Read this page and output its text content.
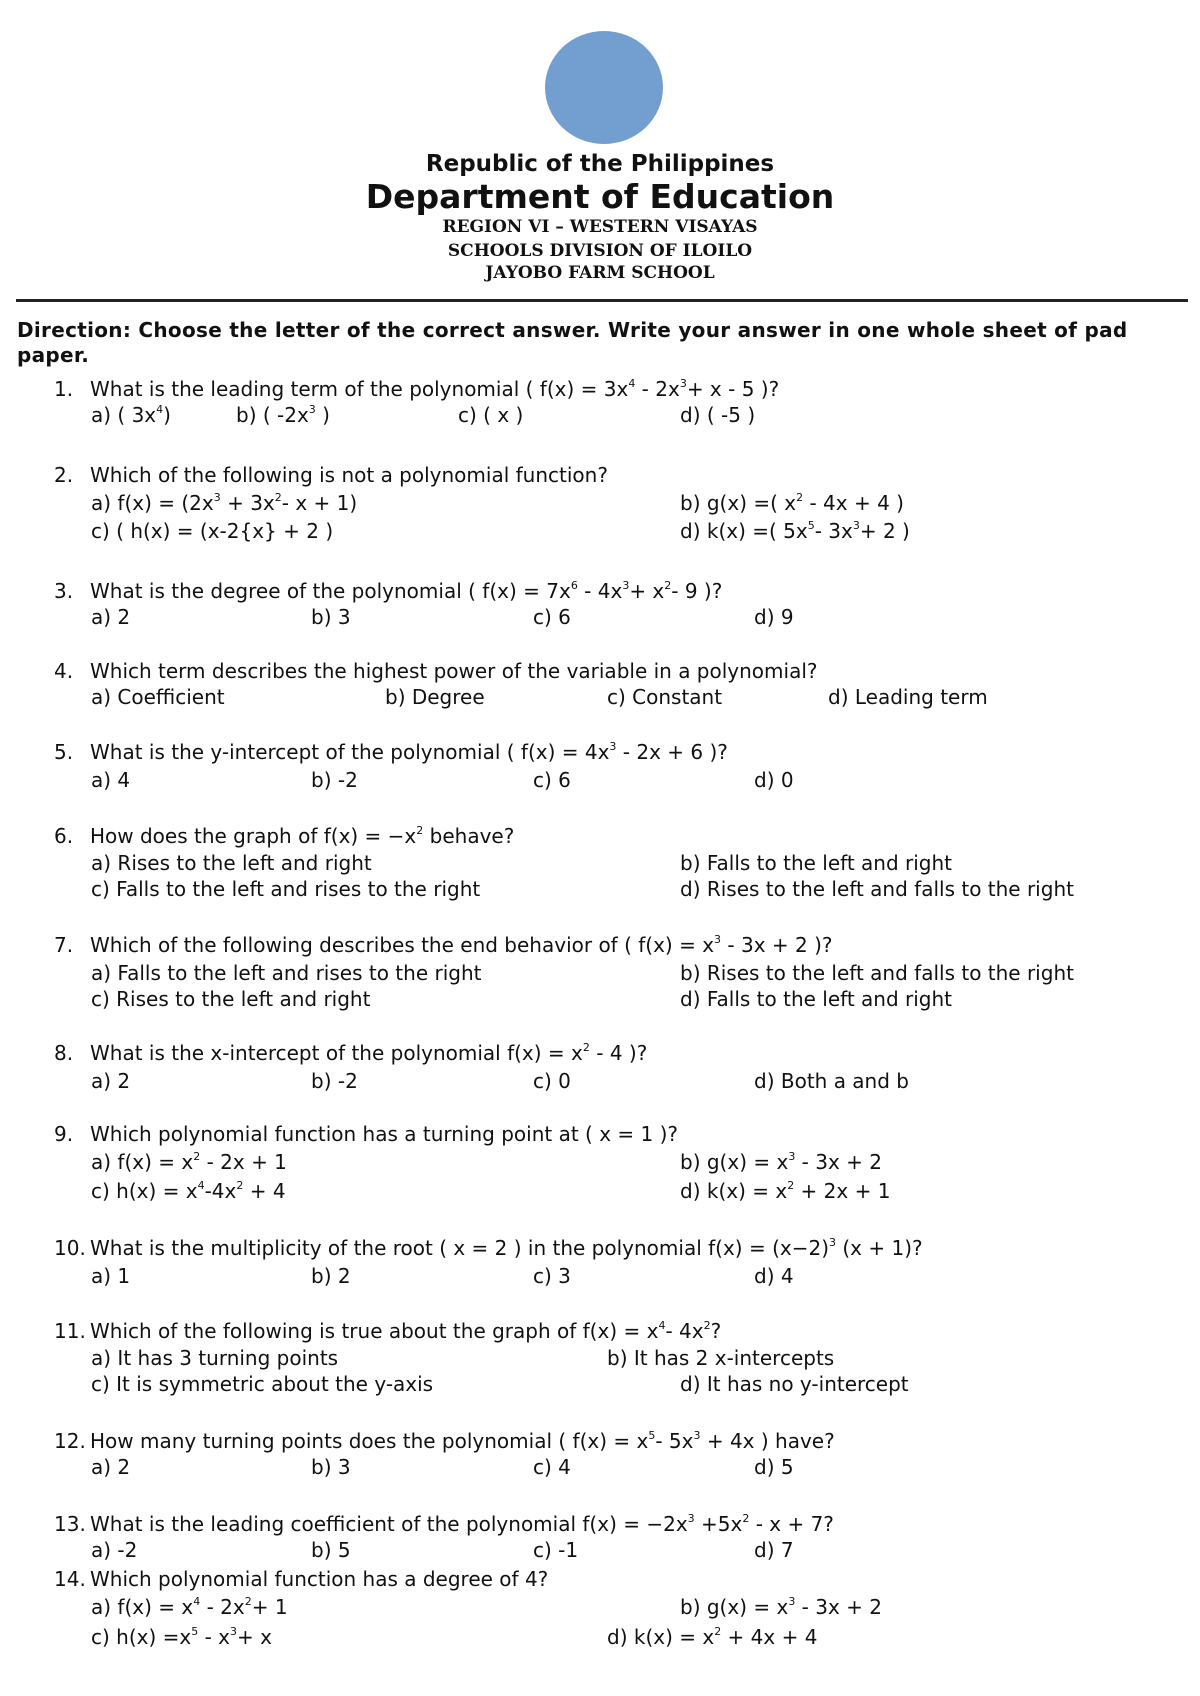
Republic of the Philippines
Department of Education
REGION VI – WESTERN VISAYAS
SCHOOLS DIVISION OF ILOILO
JAYOBO FARM SCHOOL
Direction: Choose the letter of the correct answer. Write your answer in one whole sheet of pad paper.
1. What is the leading term of the polynomial ( $f(x) = 3x^4 - 2x^3+ x - 5$ )?
a) ( $3x^4$)	b) ( $-2x^3$ )	c) ( x )	d) ( -5 )
2. Which of the following is not a polynomial function?
a) $f(x) = (2x^3 + 3x^2-$ x + 1)	b) g(x) =( $x^2 - 4x + 4$ )
c) ( h(x) = (x-2{x} + 2 )	d) k(x) =( $5x^5-$ $3x^3+ 2$ )
3. What is the degree of the polynomial ( $f(x) = 7x^6 - 4x^3+ x^2-$ 9 )?
a) 2	b) 3	c) 6	d) 9
4. Which term describes the highest power of the variable in a polynomial?
a) Coefficient	b) Degree	c) Constant	d) Leading term
5. What is the y-intercept of the polynomial ( $f(x) = 4x^3 - 2x + 6$ )?
a) 4	b) -2	c) 6	d) 0
6. How does the graph of $f(x) = -x^2$ behave?
a) Rises to the left and right	b) Falls to the left and right
c) Falls to the left and rises to the right	d) Rises to the left and falls to the right
7. Which of the following describes the end behavior of ( $f(x) = x^3 - 3x + 2$ )?
a) Falls to the left and rises to the right	b) Rises to the left and falls to the right
c) Rises to the left and right	d) Falls to the left and right
8. What is the x-intercept of the polynomial $f(x) = x^2 - 4$ )?
a) 2	b) -2	c) 0	d) Both a and b
9. Which polynomial function has a turning point at ( x = 1 )?
a) $f(x) = x^2 - 2x + 1$	b) $g(x) = x^3 - 3x + 2$
c) $h(x) = x^4-4x^2 + 4$	d) $k(x) = x^2 + 2x + 1$
10. What is the multiplicity of the root ( x = 2 ) in the polynomial $f(x) = (x-2)^3$ (x + 1)?
a) 1	b) 2	c) 3	d) 4
11. Which of the following is true about the graph of $f(x) = x^4-$ $4x^2$?
a) It has 3 turning points	b) It has 2 x-intercepts
c) It is symmetric about the y-axis	d) It has no y-intercept
12. How many turning points does the polynomial ( $f(x) = x^5-$ $5x^3 + 4x$ ) have?
a) 2	b) 3	c) 4	d) 5
13. What is the leading coefficient of the polynomial $f(x) = -2x^3 +5x^2 - x + 7$?
a) -2	b) 5	c) -1	d) 7
14. Which polynomial function has a degree of 4?
a) $f(x) = x^4 - 2x^2+ 1$	b) $g(x) = x^3 - 3x + 2$
c) $h(x) =x^5 - x^3+ x$	d) $k(x) = x^2 + 4x + 4$
